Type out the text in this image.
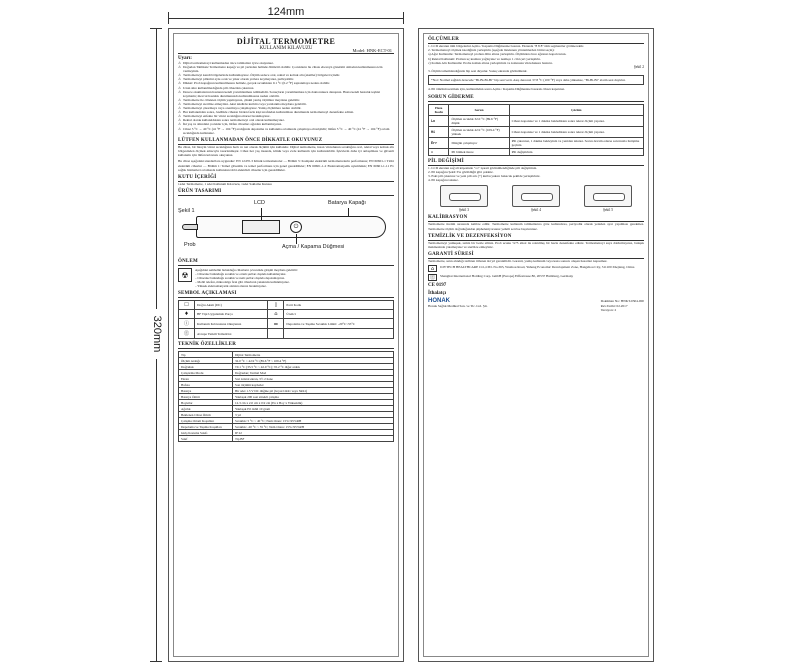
124mm
320mm
DİJİTAL TERMOMETRE
KULLANIM KILAVUZU	Model: HNK-ECT-01
Uyarı:
⚠ Dijital termometreyi kullanmadan önce talimatları iyice okuyunuz.
⚠ Doğudan Tahliksiz Termometre kapağı ve pil yerinden halinde ölümcül olabilir. Çocukların bu cihazı ebeveyn gözetimi olmadan kullanmasına izin vermeyiniz.
⚠ Termometreyi kendi bölgelerinde kullanmayınız. Ölçüm sadece oral, rektal ve koltuk altı (aksiller) bölgeleri içindir.
⚠ Termometreyi pillerini aynı ocak ve yıkar olarak yerlere koymayınız, pullayabilir.
⚠ Dikkat: Prob kapağının kullanılmasını halinde, gerçek sıcaklıktan 0.1 °C (0.2 °F) saptanmaya neden olabilir.
⚠ Uzun süre kullanılmadığında pili cihazdan çıkarınız.
⚠ Derece okumalarının hastanın kendi yorumlanması tehlikelidir. Sonuçların yorumlanması için doktorunuza danışınız. Hasta kendi hastalık teşhisi koymamı; mevcut hastalık durumunuzda kullanılmasına neden olabilir.
⚠ Termometre ile ciltekten ölçüm yapmayınız, çünkü yanlış ölçümler meydana gelebilir.
⚠ Termometreyi sterilize etmeyiniz. Aksi takdirde kırılma veya yaralanma meydana gelebilir.
⚠ Termometreyi çıkarmaya veya onarmaya çalışmayınız. Yanlış ölçümlere neden olabilir.
⚠ Her kullanımdan sonra, özellikle cihazın birden fazla kişi tarafından kullanılması durumunda termometreyi dezenfekte ediniz.
⚠ Termometreyi enfekte bir vücut sıcaklığına maruz bırakmayınız.
⚠ Rektal olarak kullanıldıktan sonra termometreyi oral olarak kullanmayınız.
⚠ İki yaş ve altındaki çocuklar için, lütfen cihazları ağızdan kullanmayınız.
⚠ Cihaz 5 °C → 40 °C (41 °F → 104 °F) aralığında depolama ve kullanma ortamında çalışmaya elverişlidir; lütfen 5 °C → 40 °C (41 °F → 104 °F) ortam sıcaklığında kullanınız.
LÜTFEN KULLANMADAN ÖNCE DİKKATLE OKUYUNUZ
Bu cihaz, bir bireyin vücut sıcaklığının hızlı ve net olarak ölçümü için kullanılır. Dijital termometre, insan vücudunun sıcaklığını oral, rektal veya koltuk altı bölgesinden ölçmek amacıyla tasarlanmıştır. Cihaz her yaş insanda, klinik veya evde kullanım için kullanılabilir. İşlevlerin daha iyi anlaşılması ve güvenli kullanımı için lütfen kılavuzu okuyunuz.
Bu cihaz aşağıdaki standartlara uygundur: EN 12470-3 Klinik termometreler — Bölüm 3: Kompakt elektrikli termometrelerin performansı; EN 60601-1 Tıbbi elektrikli cihazlar — Bölüm 1: Temel güvenlik ve temel performans için genel gereklilikler; EN 60601-1-2 Elektromanyetik uyumluluk; EN 60601-1-11 Ev sağlık hizmetleri ortamında kullanılan tıbbi elektrikli cihazlar için gereklilikler.
KUTU İÇERİĞİ
1adet Termometre, 1 adet Kullanım Kılavuzu, 1adet Saklama Kutusu
ÜRÜN TASARIMI
⏻
LCD	Batarya Kapağı
Şekil 1
Prob	Açma / Kapama Düğmesi
ÖNLEM
☢
Aşağıdaki sembolün bulunduğu cihazların çevresinde girişim meydana gelebilir:
– Cihazınız bulunduğu sıcaklık ve ortam şartları dışında kullanmayınız.
– Cihazınız bulunduğu sıcaklık ve nem şartları dışında depolamayınız.
– Mobil telefon, mikrodalga fırın gibi cihazların yakınında kullanmayınız.
– Yüksek elektromanyetik alanlara maruz bırakmayınız.
SEMBOL AÇIKLAMASI
☐	Doğru Akım (DC)	▯	Parti Kodu
♦	BF Tipi Uygulamalı Parça	⌂	Üretici
ⓘ	Kullanım Kılavuzuna Okuyunuz	⚌	Depolama ve Taşıma Sıcaklık Limiti: -20°C~55°C
Ⓔ	Avrupa Yetkili Temsilcisi		
TEKNİK ÖZELLİKLER
Tip	Dijital Termometre
Ölçüm Aralığı	32.0 °C ~ 42.9 °C (89.6 °F ~ 109.4 °F)
Doğruluk	±0.1 °C (35.5 °C ~ 42.0 °C); ±0.2 °C diğer aralık
Çalıştırma Modu	Doğrudan; Termal Mod
Ekran	Sıvı kristal ekran, 3½ 2 hane
Hafıza	Son ölçümü kaydeder
Batarya	Bir adet 1.5 V DC düğme pil (boyut LR41 veya SR41)
Batarya Ömrü	Yaklaşık 200 saat sürekli çalışma
Boyutlar	12.3 cm x 2.0 cm x 0.9 cm (En x Boy x Yükseklik)
Ağırlık	Yaklaşık Pil dahil 10 gram
Beklenen Cihaz Ömrü	3 yıl
Çalışma Ortam Koşulları	Sıcaklık: 5 °C ~ 40 °C; Nem Oranı: 15%~95%RH
Depolama ve Taşıma Koşulları	Sıcaklık: -20 °C ~ 55 °C; Nem Oranı: 15%~95%RH
Giriş Koruma Sınıfı	IP 22
Sınıf	Tip BF
ÖLÇÜMLER
1. LCD ekranın tüm bölgelerini Açma / Kapama Düğmesine basınız. Ekranda "8 8 8" tüm segmentler görünecektir.
2. Termometreyi ölçmek istediğiniz yerleştirin (aşağıda listelenen yöntemlerden birini seçin):
a) Ağız Kullanımı: Termometreyi probun dilin altına yerleştirin. Ölçümden önce ağzınızı kapalı tutun.
b) Rektal Kullanım: Probun uç kısmını yağlayınız ve nazikçe 1 cm içeri yerleştirin.
c) Koltuk Altı Kullanımı: Probu koltuk altına yerleştiriniz ve kolunuzu vücudunuza bastırın.
Şekil 2
3. Ölçüm tamamlandığında bip sesi duyulur. Sonuç ekranda görüntülenir.
*Not: Normal sağlıklı derecede "Bi-Bi-Bi-Bi" bip sesi verir. Ateş derecesi 37.8 °C (100 °F) veya daha yüksekse, "Bi-Bi-Bi" alarm sesi duyulur.
4. Pil ömrünü uzatmak için, kullanımdan sonra Açma / Kapama Düğmesine basarak cihazı kapatınız.
SORUN GİDERME
Hata Kodu	Sorun	Çözüm
Lo	Ölçülen sıcaklık 32.0 °C (89.6 °F) düşük	Cihazı kapatınız ve 1 dakika bekledikten sonra tekrar ölçüm yapınız.
Hi	Ölçülen sıcaklık 42.9 °C (109.4 °F) yüksek	Cihazı kapatınız ve 1 dakika bekledikten sonra tekrar ölçüm yapınız.
Err	Düzgün çalışmıyor	Pili çıkarınız, 1 dakika bekleyiniz ve yeniden takınız. Sorun devam ederse satıcınızla iletişime geçiniz.
▭	Pil bitmek üzere	Pili değiştiriniz.
PİL DEĞİŞİMİ
1. LCD ekranın sağ alt köşesinde "▭" işareti görüntülendiğinde pili değiştiriniz.
2. Pil kapağını Şekil 3'te görüldüğü gibi çekiniz.
3. Eski pili çıkarınız ve yeni pili artı (+) kutbu yukarı bakacak şekilde yerleştiriniz.
4. Pil kapağını takınız.
Şekil 3	Şekil 4	Şekil 5
KALİBRASYON
Termometre üretim sırasında kalibre edilir. Termometre kullanım talimatlarına göre kullanılırsa, periyodik olarak yeniden ayar yapılması gerekmez. Termometre ölçüm doğruluğundan şüpheleniyorsanız yetkili servise başvurunuz.
TEMİZLİK VE DEZENFEKSİYON
Termometreyi yumuşak, temiz bir bezle siliniz. Prob ucunu %75 alkol ile ıslatılmış bir bezle dezenfekte ediniz. Termometreyi suya daldırmayınız, bulaşık makinesinde yıkamayınız ve sterilize etmeyiniz.
GARANTİ SÜRESİ
Termometre, satın alındığı tarihten itibaren iki yıl garantilidir. Garanti, yanlış kullanım veya kaza sonucu oluşan hasarları kapsamaz.
⌂	JOYTECH HEALTHCARE CO.,LTD. No.365, Wuzhou Road, Yuhang Economic Development Zone, Hangzhou City, 311100 Zhejiang, China
Ⓔ	Shanghai International Holding Corp. GmbH (Europe) Eiffestrasse 80, 20537 Hamburg, Germany
CE 0197
İthalatçı
HONAK
Honak Sağlık Medikal San. ve Tic. Ltd. Şti.
Doküman No: HNKT-0304-000
Rev.Tarihi: 02.2017
Versiyon: 2
